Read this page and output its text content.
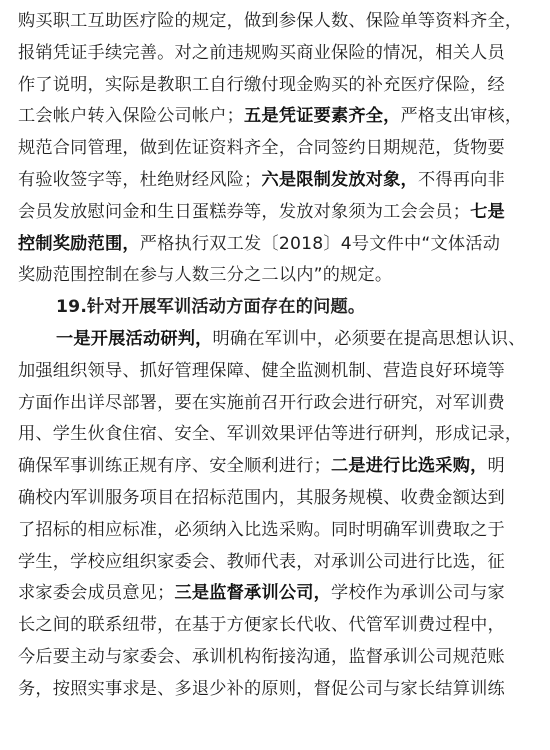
购买职工互助医疗险的规定，做到参保人数、保险单等资料齐全，
报销凭证手续完善。对之前违规购买商业保险的情况，相关人员
作了说明，实际是教职工自行缴付现金购买的补充医疗保险，经
工会帐户转入保险公司帐户；五是凭证要素齐全，严格支出审核，
规范合同管理，做到佐证资料齐全，合同签约日期规范，货物要
有验收签字等，杜绝财经风险；六是限制发放对象，不得再向非
会员发放慰问金和生日蛋糕券等，发放对象须为工会会员；七是
控制奖励范围，严格执行双工发〔2018〕4号文件中“文体活动
奖励范围控制在参与人数三分之二以内”的规定。
19.针对开展军训活动方面存在的问题。
一是开展活动研判，明确在军训中，必须要在提高思想认识、
加强组织领导、抓好管理保障、健全监测机制、营造良好环境等
方面作出详尽部署，要在实施前召开行政会进行研究，对军训费
用、学生伙食住宿、安全、军训效果评估等进行研判，形成记录，
确保军事训练正规有序、安全顺利进行；二是进行比选采购，明
确校内军训服务项目在招标范围内，其服务规模、收费金额达到
了招标的相应标准，必须纳入比选采购。同时明确军训费取之于
学生，学校应组织家委会、教师代表，对承训公司进行比选，征
求家委会成员意见；三是监督承训公司，学校作为承训公司与家
长之间的联系纽带，在基于方便家长代收、代管军训费过程中，
今后要主动与家委会、承训机构衔接沟通，监督承训公司规范账
务，按照实事求是、多退少补的原则，督促公司与家长结算训练
